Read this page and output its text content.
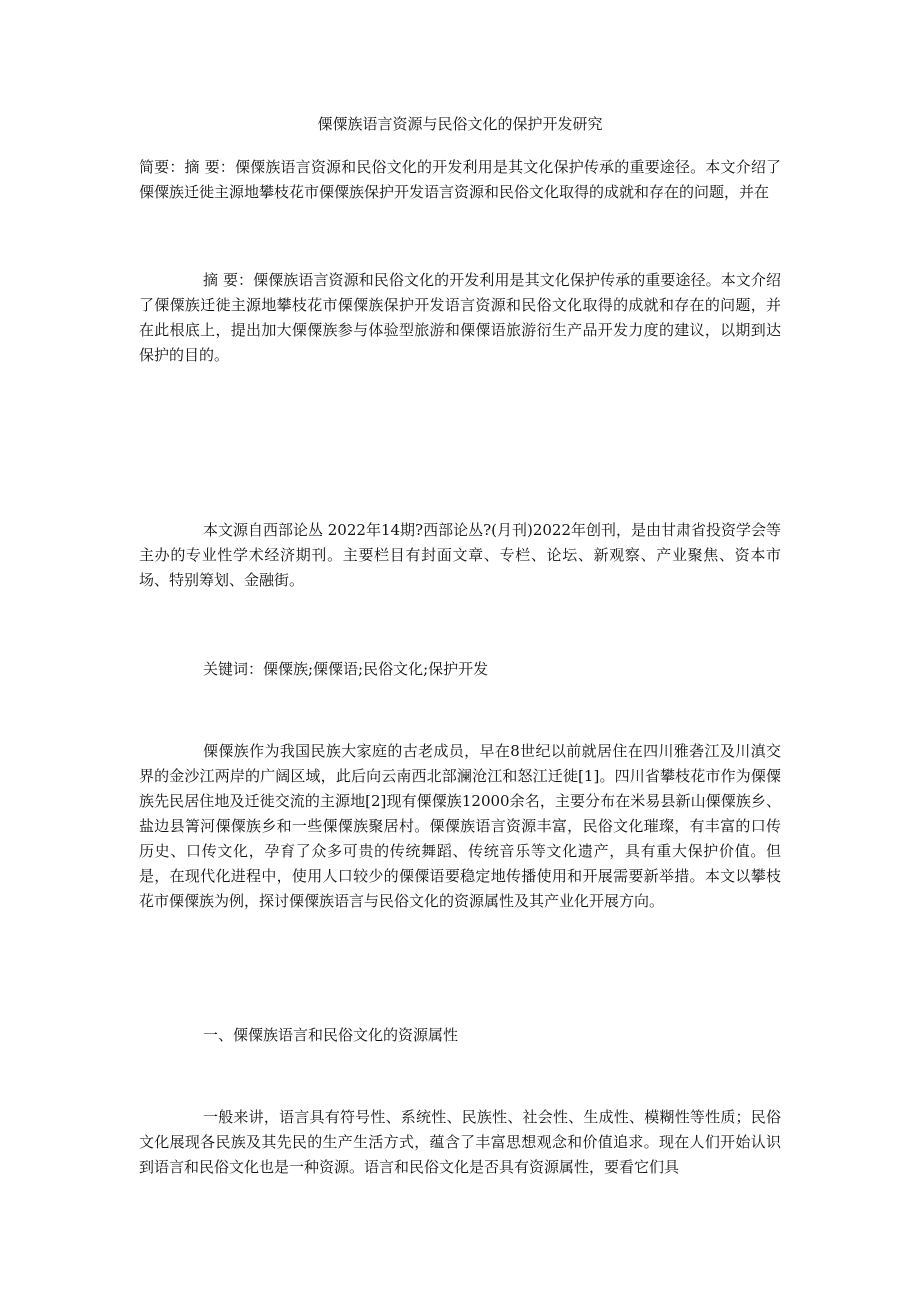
傈僳族语言资源与民俗文化的保护开发研究

简要：摘 要：傈僳族语言资源和民俗文化的开发利用是其文化保护传承的重要途径。本文介绍了傈僳族迁徙主源地攀枝花市傈僳族保护开发语言资源和民俗文化取得的成就和存在的问题，并在

摘 要：傈僳族语言资源和民俗文化的开发利用是其文化保护传承的重要途径。本文介绍了傈僳族迁徙主源地攀枝花市傈僳族保护开发语言资源和民俗文化取得的成就和存在的问题，并在此根底上，提出加大傈僳族参与体验型旅游和傈僳语旅游衍生产品开发力度的建议，以期到达保护的目的。

本文源自西部论丛 2022年14期?西部论丛?(月刊)2022年创刊，是由甘肃省投资学会等主办的专业性学术经济期刊。主要栏目有封面文章、专栏、论坛、新观察、产业聚焦、资本市场、特别筹划、金融街。

关键词：傈僳族;傈僳语;民俗文化;保护开发

傈僳族作为我国民族大家庭的古老成员，早在8世纪以前就居住在四川雅砻江及川滇交界的金沙江两岸的广阔区域，此后向云南西北部澜沧江和怒江迁徙[1]。四川省攀枝花市作为傈僳族先民居住地及迁徙交流的主源地[2]现有傈僳族12000余名，主要分布在米易县新山傈僳族乡、盐边县箐河傈僳族乡和一些傈僳族聚居村。傈僳族语言资源丰富，民俗文化璀璨，有丰富的口传历史、口传文化，孕育了众多可贵的传统舞蹈、传统音乐等文化遗产，具有重大保护价值。但是，在现代化进程中，使用人口较少的傈僳语要稳定地传播使用和开展需要新举措。本文以攀枝花市傈僳族为例，探讨傈僳族语言与民俗文化的资源属性及其产业化开展方向。

一、傈僳族语言和民俗文化的资源属性

一般来讲，语言具有符号性、系统性、民族性、社会性、生成性、模糊性等性质；民俗文化展现各民族及其先民的生产生活方式，蕴含了丰富思想观念和价值追求。现在人们开始认识到语言和民俗文化也是一种资源。语言和民俗文化是否具有资源属性，要看它们具
